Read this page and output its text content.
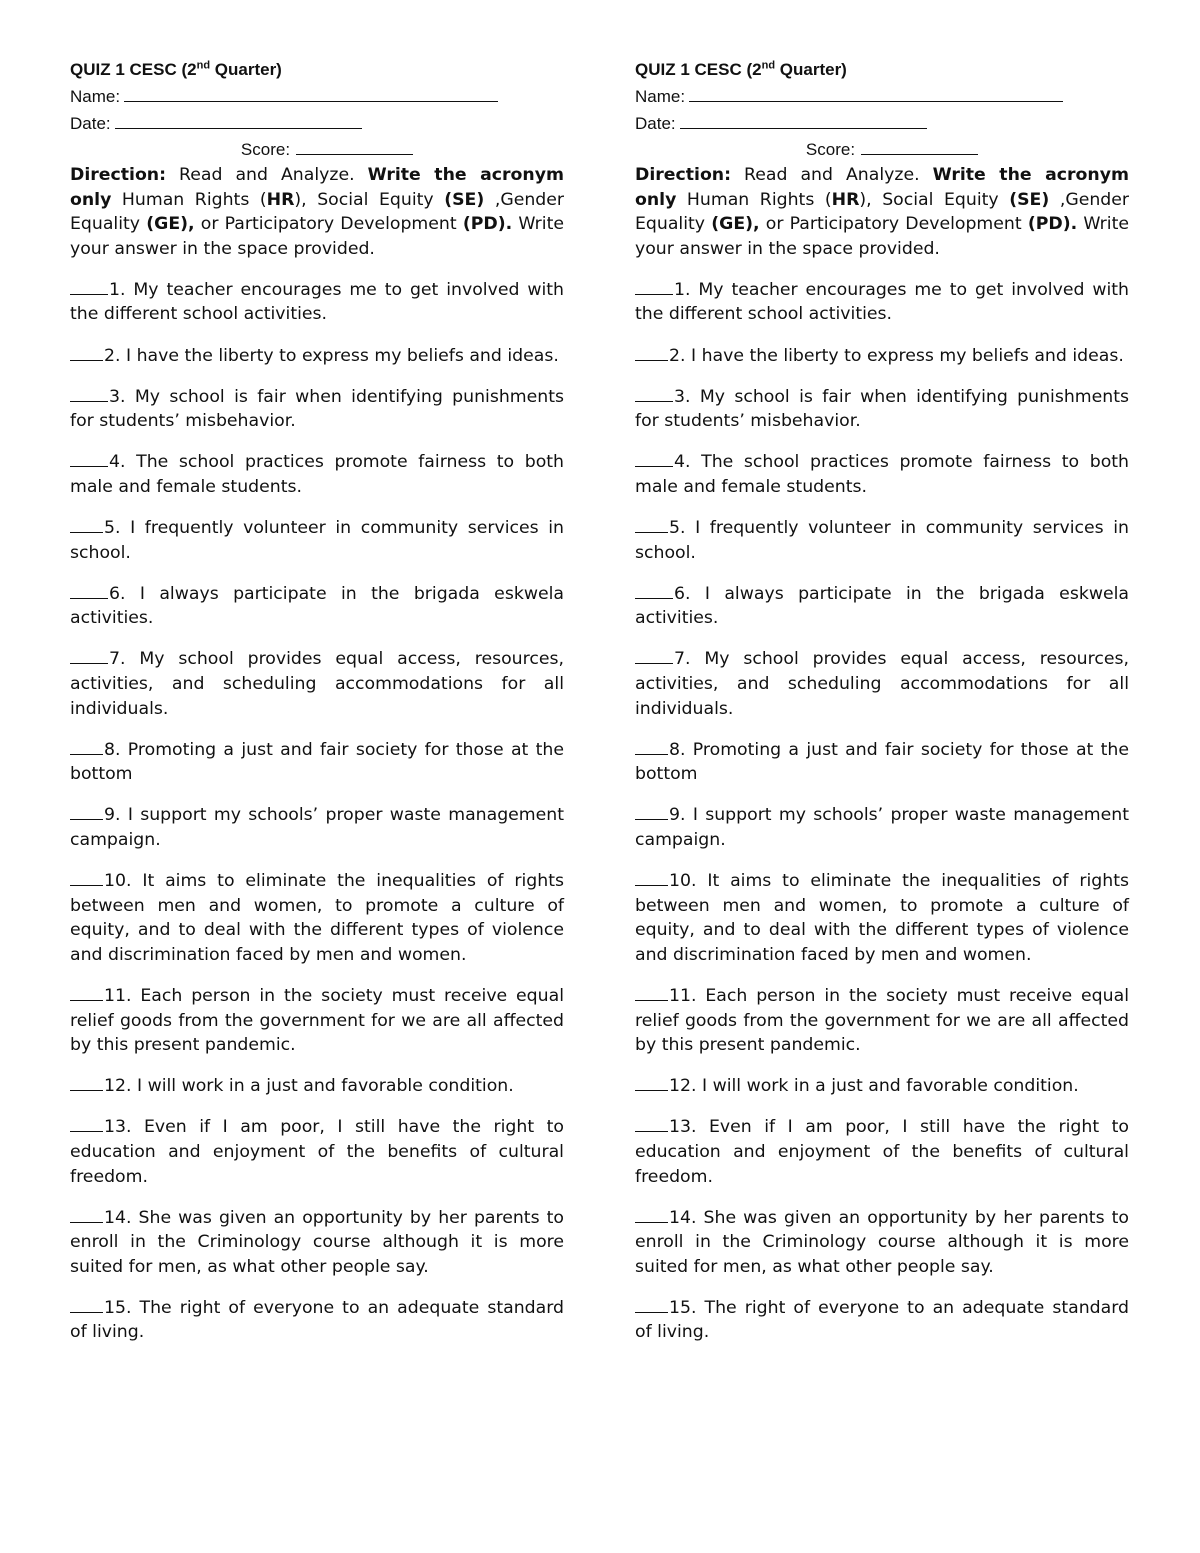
QUIZ 1 CESC (2nd Quarter)
Name:
Date:
Score:
Direction: Read and Analyze. Write the acronym only Human Rights (HR), Social Equity (SE) ,Gender Equality (GE), or Participatory Development (PD). Write your answer in the space provided.
1. My teacher encourages me to get involved with the different school activities.
2. I have the liberty to express my beliefs and ideas.
3. My school is fair when identifying punishments for students’ misbehavior.
4. The school practices promote fairness to both male and female students.
5. I frequently volunteer in community services in school.
6. I always participate in the brigada eskwela activities.
7. My school provides equal access, resources, activities, and scheduling accommodations for all individuals.
8. Promoting a just and fair society for those at the bottom
9. I support my schools’ proper waste management campaign.
10. It aims to eliminate the inequalities of rights between men and women, to promote a culture of equity, and to deal with the different types of violence and discrimination faced by men and women.
11. Each person in the society must receive equal relief goods from the government for we are all affected by this present pandemic.
12. I will work in a just and favorable condition.
13. Even if I am poor, I still have the right to education and enjoyment of the benefits of cultural freedom.
14. She was given an opportunity by her parents to enroll in the Criminology course although it is more suited for men, as what other people say.
15. The right of everyone to an adequate standard of living.
QUIZ 1 CESC (2nd Quarter)
Name:
Date:
Score:
Direction: Read and Analyze. Write the acronym only Human Rights (HR), Social Equity (SE) ,Gender Equality (GE), or Participatory Development (PD). Write your answer in the space provided.
1. My teacher encourages me to get involved with the different school activities.
2. I have the liberty to express my beliefs and ideas.
3. My school is fair when identifying punishments for students’ misbehavior.
4. The school practices promote fairness to both male and female students.
5. I frequently volunteer in community services in school.
6. I always participate in the brigada eskwela activities.
7. My school provides equal access, resources, activities, and scheduling accommodations for all individuals.
8. Promoting a just and fair society for those at the bottom
9. I support my schools’ proper waste management campaign.
10. It aims to eliminate the inequalities of rights between men and women, to promote a culture of equity, and to deal with the different types of violence and discrimination faced by men and women.
11. Each person in the society must receive equal relief goods from the government for we are all affected by this present pandemic.
12. I will work in a just and favorable condition.
13. Even if I am poor, I still have the right to education and enjoyment of the benefits of cultural freedom.
14. She was given an opportunity by her parents to enroll in the Criminology course although it is more suited for men, as what other people say.
15. The right of everyone to an adequate standard of living.
